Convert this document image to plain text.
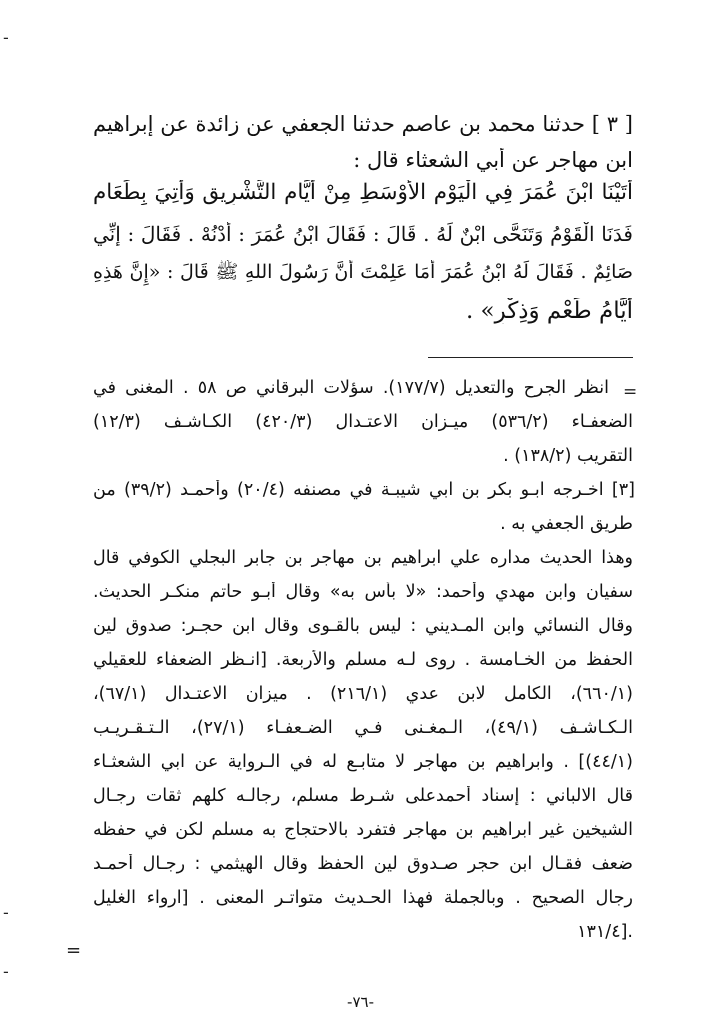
-
-
-
=
[ ٣ ] حدثنا محمد بن عاصم حدثنا الجعفي عن زائدة عن إبراهيم
ابن مهاجر عن أبي الشعثاء قال :
أَتَيْنَا ابْنَ عُمَرَ فِي الْيَوْمِ الأَوْسَطِ مِنْ أَيَّامِ التَّشْرِيقِ وَأُتِيَ بِطَعَامٍ
فَدَنَا الْقَوْمُ وَتَنَحَّى ابْنٌ لَهُ . قَالَ : فَقَالَ ابْنُ عُمَرَ : أُدْنُهْ . فَقَالَ : إِنِّي
صَائِمٌ . فَقَالَ لَهُ ابْنُ عُمَرَ أَمَا عَلِمْتَ أَنَّ رَسُولَ اللهِ ﷺ قَالَ : «إِنَّ هَذِهِ
أَيَّامُ طَعْمٍ وَذِكْرٍ» .
=
انظر الجرح والتعديل (١٧٧/٧). سؤلات البرقاني ص ٥٨ . المغنى في
الضعفـاء (٥٣٦/٢) ميـزان الاعتـدال (٤٢٠/٣) الكـاشـف (١٢/٣)
التقريب (١٣٨/٢) .
[٣] اخـرجه ابـو بكر بن ابي شيبـة في مصنفه (٢٠/٤) وأحمـد (٣٩/٢) من
طريق الجعفي به .
وهذا الحديث مداره علي ابراهيم بن مهاجر بن جابر البجلي الكوفي قال
سفيان وابن مهدي وأحمد: «لا بأس به» وقال أبـو حاتم منكـر الحديث.
وقال النسائي وابن المـديني : ليس بالقـوى وقال ابن حجـر: صدوق لين
الحفظ من الخـامسة . روى لـه مسلم والأربعة. [انـظر الضعفاء للعقيلي
(٦٦٠/١)، الكامل لابن عدي (٢١٦/١) . ميزان الاعتـدال (٦٧/١)،
الـكـاشـف (٤٩/١)، الـمغـنى فـي الضـعفـاء (٢٧/١)، الـتـقـريـب
(٤٤/١)] . وابراهيم بن مهاجر لا متابـع له في الـرواية عن ابي الشعثـاء
قال الالباني : إسناد أحمدعلى شـرط مسلم، رجالـه كلهم ثقات رجـال
الشيخين غير ابراهيم بن مهاجر فتفرد بالاحتجاج به مسلم لكن في حفظه
ضعف فقـال ابن حجر صـدوق لين الحفظ وقال الهيثمي : رجـال أحمـد
رجال الصحيح . وبالجملة فهذا الحـديث متواتـر المعنى . [ارواء الغليل
.[١٣١/٤
-٧٦-
